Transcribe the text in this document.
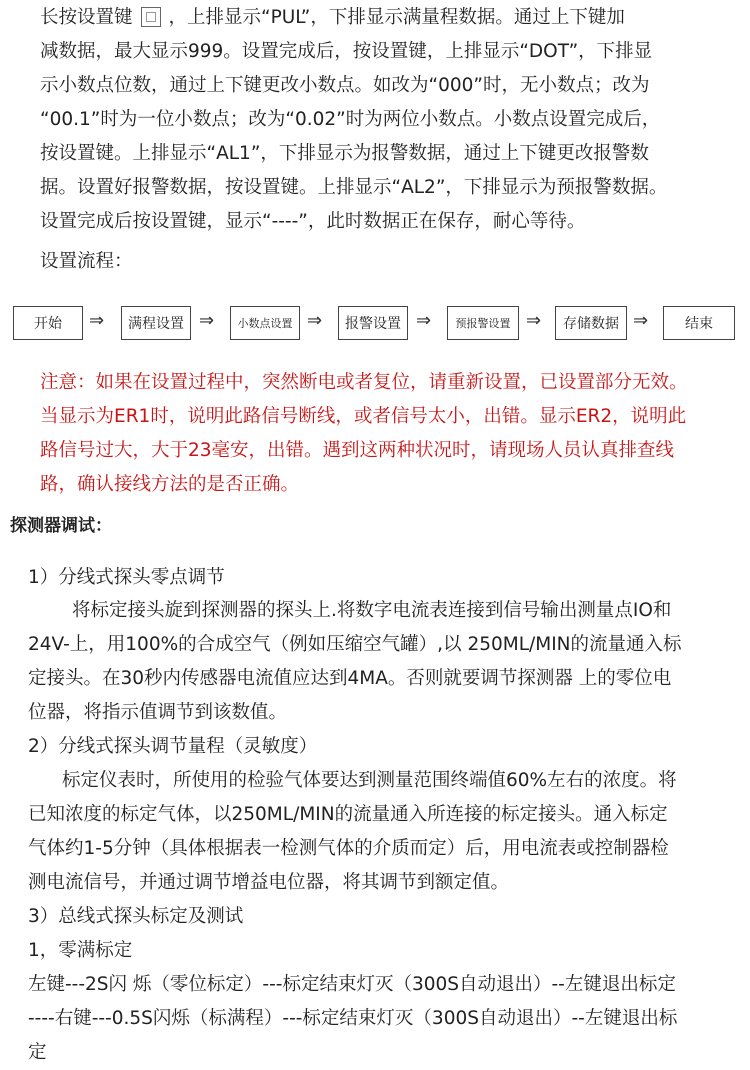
长按设置键 ，上排显示“PUL”，下排显示满量程数据。通过上下键加
减数据，最大显示999。设置完成后，按设置键，上排显示“DOT”，下排显
示小数点位数，通过上下键更改小数点。如改为“000”时，无小数点；改为
“00.1”时为一位小数点；改为“0.02”时为两位小数点。小数点设置完成后，
按设置键。上排显示“AL1”，下排显示为报警数据，通过上下键更改报警数
据。设置好报警数据，按设置键。上排显示“AL2”，下排显示为预报警数据。
设置完成后按设置键，显示“----”，此时数据正在保存，耐心等待。
设置流程：
开始	⇒	满程设置 ⇒	小数点设置 ⇒	报警设置 ⇒	预报警设置 ⇒	存储数据 ⇒	结束
注意：如果在设置过程中，突然断电或者复位，请重新设置，已设置部分无效。
当显示为ER1时，说明此路信号断线，或者信号太小，出错。显示ER2，说明此
路信号过大，大于23毫安，出错。遇到这两种状况时，请现场人员认真排查线
路，确认接线方法的是否正确。
探测器调试：
1）分线式探头零点调节
将标定接头旋到探测器的探头上.将数字电流表连接到信号输出测量点IO和
24V-上，用100%的合成空气（例如压缩空气罐）,以 250ML/MIN的流量通入标
定接头。在30秒内传感器电流值应达到4MA。否则就要调节探测器 上的零位电
位器，将指示值调节到该数值。
2）分线式探头调节量程（灵敏度）
标定仪表时，所使用的检验气体要达到测量范围终端值60%左右的浓度。将
已知浓度的标定气体，以250ML/MIN的流量通入所连接的标定接头。通入标定
气体约1-5分钟（具体根据表一检测气体的介质而定）后，用电流表或控制器检
测电流信号，并通过调节增益电位器，将其调节到额定值。
3）总线式探头标定及测试
1，零满标定
左键---2S闪 烁（零位标定）---标定结束灯灭（300S自动退出）--左键退出标定
----右键---0.5S闪烁（标满程）---标定结束灯灭（300S自动退出）--左键退出标
定
